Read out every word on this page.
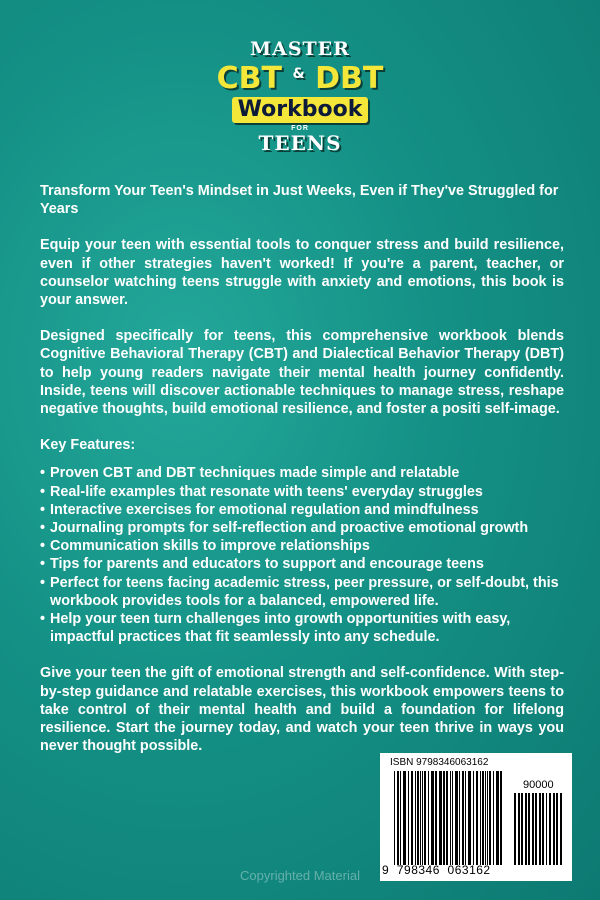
MASTER
CBT & DBT
Workbook
FOR
TEENS

Transform Your Teen's Mindset in Just Weeks, Even if They've Struggled for Years

Equip your teen with essential tools to conquer stress and build resilience, even if other strategies haven't worked! If you're a parent, teacher, or counselor watching teens struggle with anxiety and emotions, this book is your answer.

Designed specifically for teens, this comprehensive workbook blends Cognitive Behavioral Therapy (CBT) and Dialectical Behavior Therapy (DBT) to help young readers navigate their mental health journey confidently. Inside, teens will discover actionable techniques to manage stress, reshape negative thoughts, build emotional resilience, and foster a positi self-image.

Key Features:

• Proven CBT and DBT techniques made simple and relatable
• Real-life examples that resonate with teens' everyday struggles
• Interactive exercises for emotional regulation and mindfulness
• Journaling prompts for self-reflection and proactive emotional growth
• Communication skills to improve relationships
• Tips for parents and educators to support and encourage teens
• Perfect for teens facing academic stress, peer pressure, or self-doubt, this workbook provides tools for a balanced, empowered life.
• Help your teen turn challenges into growth opportunities with easy, impactful practices that fit seamlessly into any schedule.

Give your teen the gift of emotional strength and self-confidence. With step-by-step guidance and relatable exercises, this workbook empowers teens to take control of their mental health and build a foundation for lifelong resilience. Start the journey today, and watch your teen thrive in ways you never thought possible.

ISBN 9798346063162
90000
9  798346  063162
Copyrighted Material
